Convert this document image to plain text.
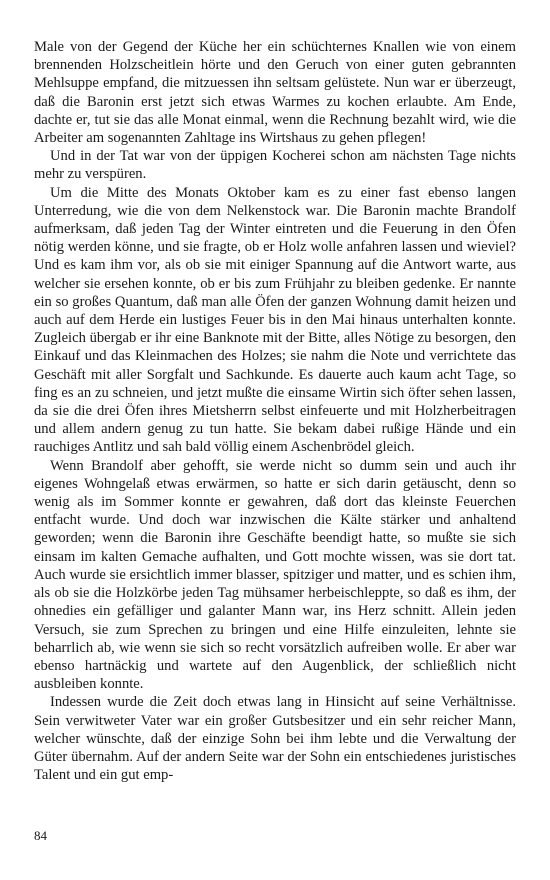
Male von der Gegend der Küche her ein schüchternes Knallen wie von einem brennenden Holzscheitlein hörte und den Geruch von einer guten gebrannten Mehlsuppe empfand, die mitzuessen ihn seltsam gelüstete. Nun war er überzeugt, daß die Baronin erst jetzt sich etwas Warmes zu kochen erlaubte. Am Ende, dachte er, tut sie das alle Monat einmal, wenn die Rechnung bezahlt wird, wie die Arbeiter am sogenannten Zahltage ins Wirtshaus zu gehen pflegen!

Und in der Tat war von der üppigen Kocherei schon am nächsten Tage nichts mehr zu verspüren.

Um die Mitte des Monats Oktober kam es zu einer fast ebenso langen Unterredung, wie die von dem Nelkenstock war. Die Baronin machte Brandolf aufmerksam, daß jeden Tag der Winter eintreten und die Feuerung in den Öfen nötig werden könne, und sie fragte, ob er Holz wolle anfahren lassen und wieviel? Und es kam ihm vor, als ob sie mit einiger Spannung auf die Antwort warte, aus welcher sie ersehen konnte, ob er bis zum Frühjahr zu bleiben gedenke. Er nannte ein so großes Quantum, daß man alle Öfen der ganzen Wohnung damit heizen und auch auf dem Herde ein lustiges Feuer bis in den Mai hinaus unterhalten konnte. Zugleich übergab er ihr eine Banknote mit der Bitte, alles Nötige zu besorgen, den Einkauf und das Kleinmachen des Holzes; sie nahm die Note und verrichtete das Geschäft mit aller Sorgfalt und Sachkunde. Es dauerte auch kaum acht Tage, so fing es an zu schneien, und jetzt mußte die einsame Wirtin sich öfter sehen lassen, da sie die drei Öfen ihres Mietsherrn selbst einfeuerte und mit Holzherbeitragen und allem andern genug zu tun hatte. Sie bekam dabei rußige Hände und ein rauchiges Antlitz und sah bald völlig einem Aschenbrödel gleich.

Wenn Brandolf aber gehofft, sie werde nicht so dumm sein und auch ihr eigenes Wohngelaß etwas erwärmen, so hatte er sich darin getäuscht, denn so wenig als im Sommer konnte er gewahren, daß dort das kleinste Feuerchen entfacht wurde. Und doch war inzwischen die Kälte stärker und anhaltend geworden; wenn die Baronin ihre Geschäfte beendigt hatte, so mußte sie sich einsam im kalten Gemache aufhalten, und Gott mochte wissen, was sie dort tat. Auch wurde sie ersichtlich immer blasser, spitziger und matter, und es schien ihm, als ob sie die Holzkörbe jeden Tag mühsamer herbeischleppte, so daß es ihm, der ohnedies ein gefälliger und galanter Mann war, ins Herz schnitt. Allein jeden Versuch, sie zum Sprechen zu bringen und eine Hilfe einzuleiten, lehnte sie beharrlich ab, wie wenn sie sich so recht vorsätzlich aufreiben wolle. Er aber war ebenso hartnäckig und wartete auf den Augenblick, der schließlich nicht ausbleiben konnte.

Indessen wurde die Zeit doch etwas lang in Hinsicht auf seine Verhältnisse. Sein verwitweter Vater war ein großer Gutsbesitzer und ein sehr reicher Mann, welcher wünschte, daß der einzige Sohn bei ihm lebte und die Verwaltung der Güter übernahm. Auf der andern Seite war der Sohn ein entschiedenes juristisches Talent und ein gut emp-

84
